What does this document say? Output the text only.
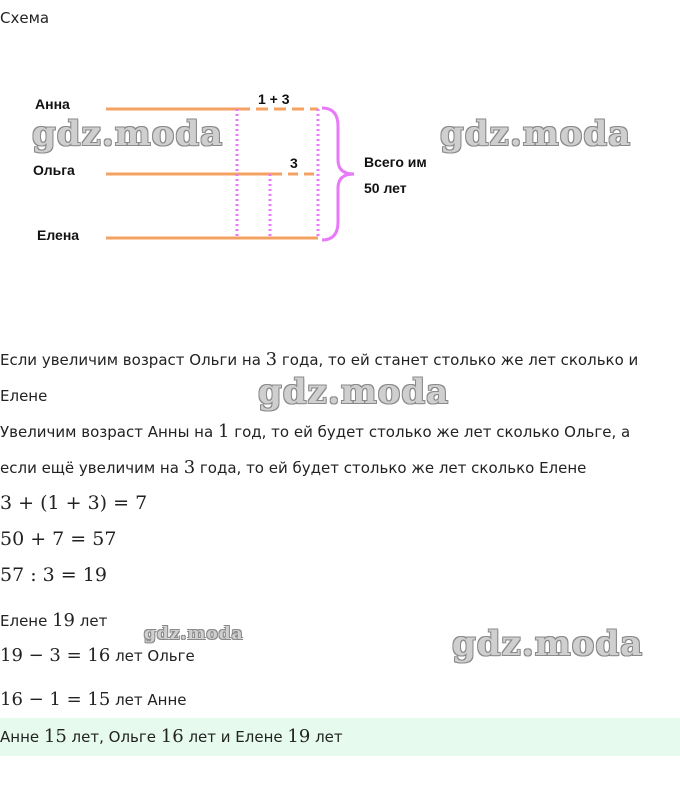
Схема
Анна
Ольга
Елена
1 + 3
3	Всего им
50 лет
gdz.moda	gdz.moda
Если увеличим возраст Ольги на 3 года, то ей станет столько же лет сколько и
Елене	gdz.moda
Увеличим возраст Анны на 1 год, то ей будет столько же лет сколько Ольге, а
если ещё увеличим на 3 года, то ей будет столько же лет сколько Елене
3 + (1 + 3) = 7
50 + 7 = 57
57 : 3 = 19
Елене 19 лет
gdz.moda
19 − 3 = 16 лет Ольге	gdz.moda
16 − 1 = 15 лет Анне
Анне 15 лет, Ольге 16 лет и Елене 19 лет
